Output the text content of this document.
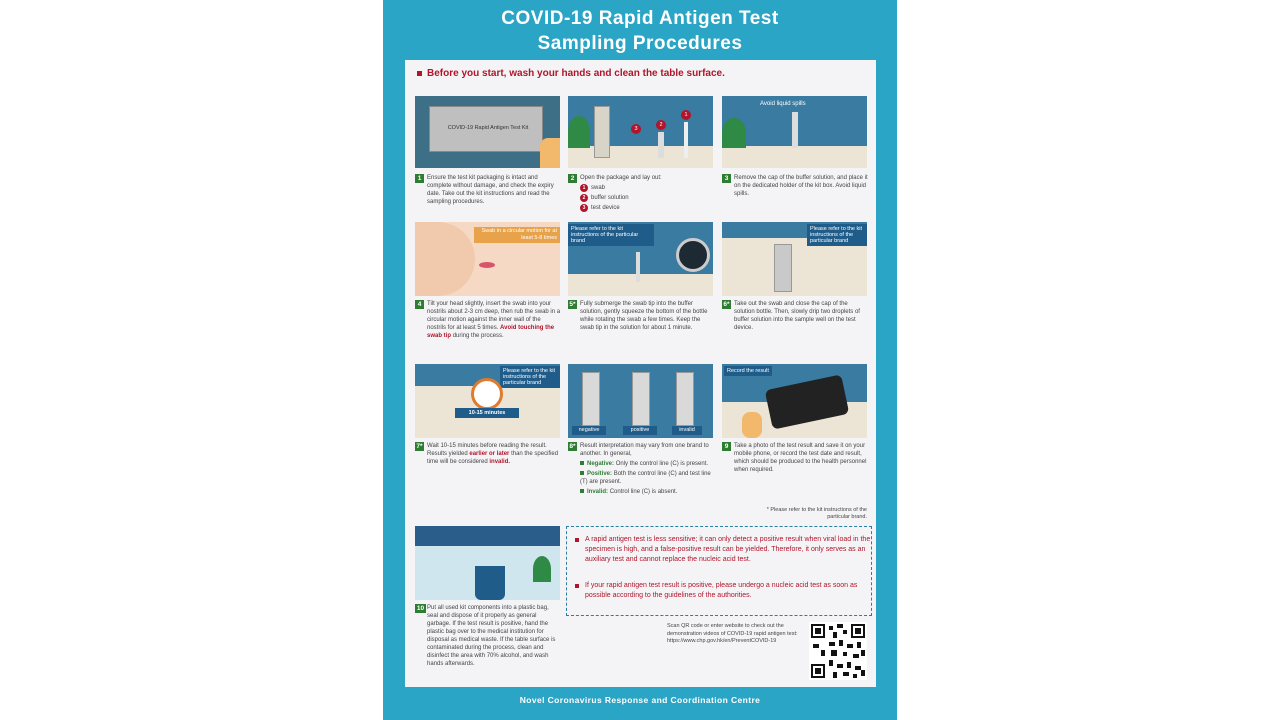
COVID-19 Rapid Antigen Test
Sampling Procedures
Before you start, wash your hands and clean the table surface.
COVID-19 Rapid Antigen Test Kit	3
2
1
Avoid liquid spills
1 Ensure the test kit packaging is intact and complete without damage, and check the expiry date. Take out the kit instructions and read the sampling procedures.
2 Open the package and lay out:
1 swab
2 buffer solution
3 test device
3 Remove the cap of the buffer solution, and place it on the dedicated holder of the kit box. Avoid liquid spills.
Swab in a circular motion for at least 5-8 times
Please refer to the kit instructions of the particular brand
Please refer to the kit instructions of the particular brand
4 Tilt your head slightly, insert the swab into your nostrils about 2-3 cm deep, then rub the swab in a circular motion against the inner wall of the nostrils for at least 5 times. Avoid touching the swab tip during the process.
5* Fully submerge the swab tip into the buffer solution, gently squeeze the bottom of the bottle while rotating the swab a few times. Keep the swab tip in the solution for about 1 minute.
6* Take out the swab and close the cap of the solution bottle. Then, slowly drip two droplets of buffer solution into the sample well on the test device.
Please refer to the kit instructions of the particular brand
10-15 minutes
negative	positive	invalid
Record the result
7* Wait 10-15 minutes before reading the result. Results yielded earlier or later than the specified time will be considered invalid.
8* Result interpretation may vary from one brand to another. In general,
Negative: Only the control line (C) is present.
Positive: Both the control line (C) and test line (T) are present.
Invalid: Control line (C) is absent.
9 Take a photo of the test result and save it on your mobile phone, or record the test date and result, which should be produced to the health personnel when required.
* Please refer to the kit instructions of the particular brand.
10 Put all used kit components into a plastic bag, seal and dispose of it properly as general garbage. If the test result is positive, hand the plastic bag over to the medical institution for disposal as medical waste. If the table surface is contaminated during the process, clean and disinfect the area with 70% alcohol, and wash hands afterwards.
A rapid antigen test is less sensitive; it can only detect a positive result when viral load in the specimen is high, and a false-positive result can be yielded. Therefore, it only serves as an auxiliary test and cannot replace the nucleic acid test.
If your rapid antigen test result is positive, please undergo a nucleic acid test as soon as possible according to the guidelines of the authorities.
Scan QR code or enter website to check out the demonstration videos of COVID-19 rapid antigen test:
https://www.chp.gov.hk/en/PreventCOVID-19
Novel Coronavirus Response and Coordination Centre
